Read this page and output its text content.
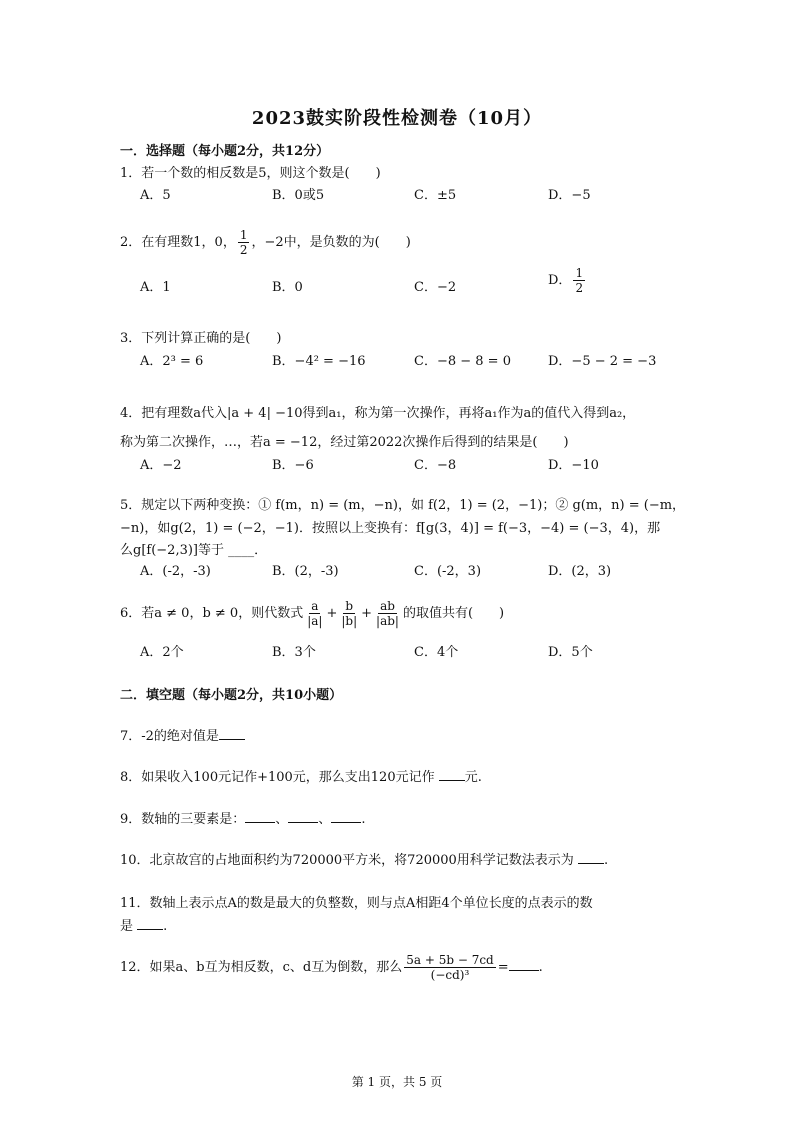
2023鼓实阶段性检测卷（10月）
一．选择题（每小题2分，共12分）
1．若一个数的相反数是5，则这个数是(　　)
A．5	B．0或5	C．±5	D．−5
2．在有理数1，0， $\frac{1}{2}$ ，−2中，是负数的为(　　)
A．1	B．0	C．−2	D． $\frac{1}{2}$
3．下列计算正确的是(　　)
A．2³ = 6	B．−4² = −16	C．−8 − 8 = 0	D．−5 − 2 = −3
4．把有理数a代入|a + 4| −10得到a₁，称为第一次操作，再将a₁作为a的值代入得到a₂，
称为第二次操作，…，若a = −12，经过第2022次操作后得到的结果是(　　)
A．−2	B．−6	C．−8	D．−10
5．规定以下两种变换：① f(m，n) = (m，−n)，如 f(2，1) = (2，−1)；② g(m，n) = (−m，
−n)，如g(2，1) = (−2，−1)．按照以上变换有：f[g(3，4)] = f(−3，−4) = (−3，4)，那
么g[f(−2,3)]等于 ____．
A．(-2，-3)	B．(2，-3)	C．(-2，3)	D．(2，3)
6．若a ≠ 0，b ≠ 0，则代数式 $\frac{a}{|a|} + \frac{b}{|b|} + \frac{ab}{|ab|}$ 的取值共有(　　)
A．2个	B．3个	C．4个	D．5个
二．填空题（每小题2分，共10小题）
7．-2的绝对值是
8．如果收入100元记作+100元，那么支出120元记作 元.
9．数轴的三要素是： 、 、 .
10．北京故宫的占地面积约为720000平方米，将720000用科学记数法表示为 .
11．数轴上表示点A的数是最大的负整数，则与点A相距4个单位长度的点表示的数
是 .
12．如果a、b互为相反数，c、d互为倒数，那么 $\frac{5a + 5b - 7cd}{\text{(−cd)³}}$ = .
第 1 页，共 5 页
